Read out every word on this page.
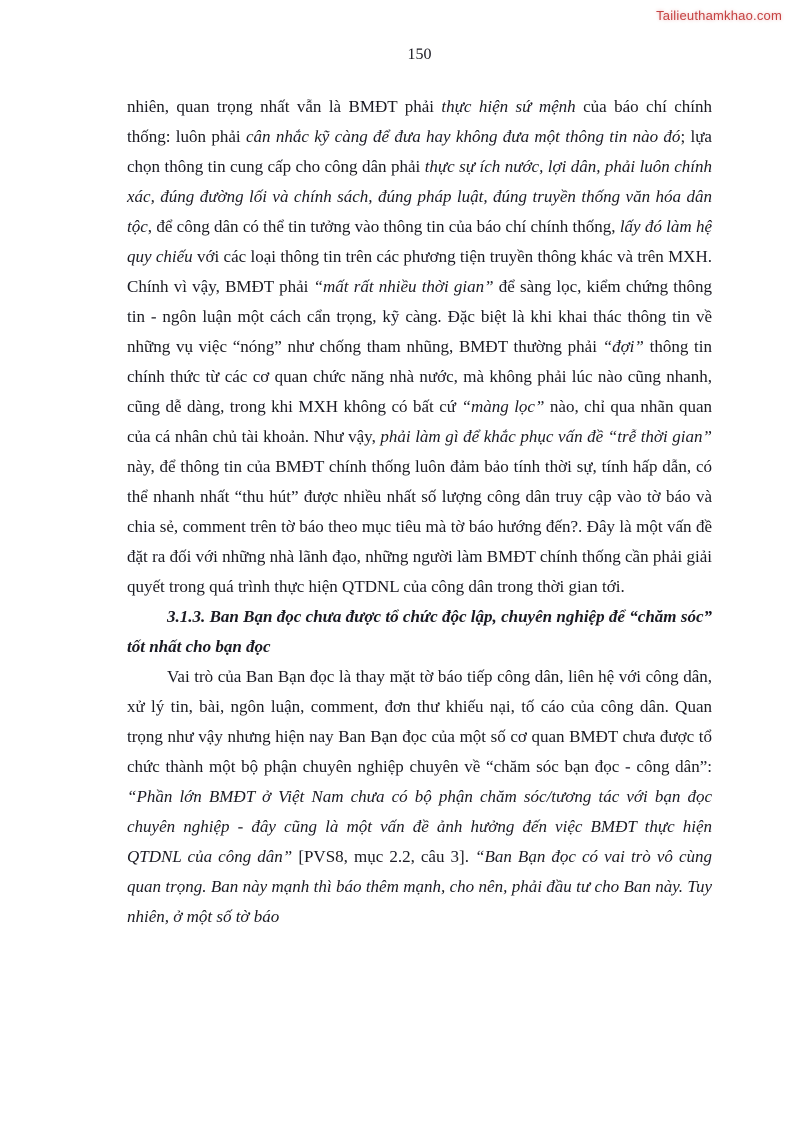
Tailieuthamkhao.com
150

nhiên, quan trọng nhất vẫn là BMĐT phải thực hiện sứ mệnh của báo chí chính thống: luôn phải cân nhắc kỹ càng để đưa hay không đưa một thông tin nào đó; lựa chọn thông tin cung cấp cho công dân phải thực sự ích nước, lợi dân, phải luôn chính xác, đúng đường lối và chính sách, đúng pháp luật, đúng truyền thống văn hóa dân tộc, để công dân có thể tin tưởng vào thông tin của báo chí chính thống, lấy đó làm hệ quy chiếu với các loại thông tin trên các phương tiện truyền thông khác và trên MXH. Chính vì vậy, BMĐT phải “mất rất nhiều thời gian” để sàng lọc, kiểm chứng thông tin - ngôn luận một cách cẩn trọng, kỹ càng. Đặc biệt là khi khai thác thông tin về những vụ việc “nóng” như chống tham nhũng, BMĐT thường phải “đợi” thông tin chính thức từ các cơ quan chức năng nhà nước, mà không phải lúc nào cũng nhanh, cũng dễ dàng, trong khi MXH không có bất cứ “màng lọc” nào, chỉ qua nhãn quan của cá nhân chủ tài khoản. Như vậy, phải làm gì để khắc phục vấn đề “trễ thời gian” này, để thông tin của BMĐT chính thống luôn đảm bảo tính thời sự, tính hấp dẫn, có thể nhanh nhất “thu hút” được nhiều nhất số lượng công dân truy cập vào tờ báo và chia sẻ, comment trên tờ báo theo mục tiêu mà tờ báo hướng đến?. Đây là một vấn đề đặt ra đối với những nhà lãnh đạo, những người làm BMĐT chính thống cần phải giải quyết trong quá trình thực hiện QTDNL của công dân trong thời gian tới.

3.1.3. Ban Bạn đọc chưa được tổ chức độc lập, chuyên nghiệp để “chăm sóc” tốt nhất cho bạn đọc

Vai trò của Ban Bạn đọc là thay mặt tờ báo tiếp công dân, liên hệ với công dân, xử lý tin, bài, ngôn luận, comment, đơn thư khiếu nại, tố cáo của công dân. Quan trọng như vậy nhưng hiện nay Ban Bạn đọc của một số cơ quan BMĐT chưa được tổ chức thành một bộ phận chuyên nghiệp chuyên về “chăm sóc bạn đọc - công dân”: “Phần lớn BMĐT ở Việt Nam chưa có bộ phận chăm sóc/tương tác với bạn đọc chuyên nghiệp - đây cũng là một vấn đề ảnh hưởng đến việc BMĐT thực hiện QTDNL của công dân” [PVS8, mục 2.2, câu 3]. “Ban Bạn đọc có vai trò vô cùng quan trọng. Ban này mạnh thì báo thêm mạnh, cho nên, phải đầu tư cho Ban này. Tuy nhiên, ở một số tờ báo
